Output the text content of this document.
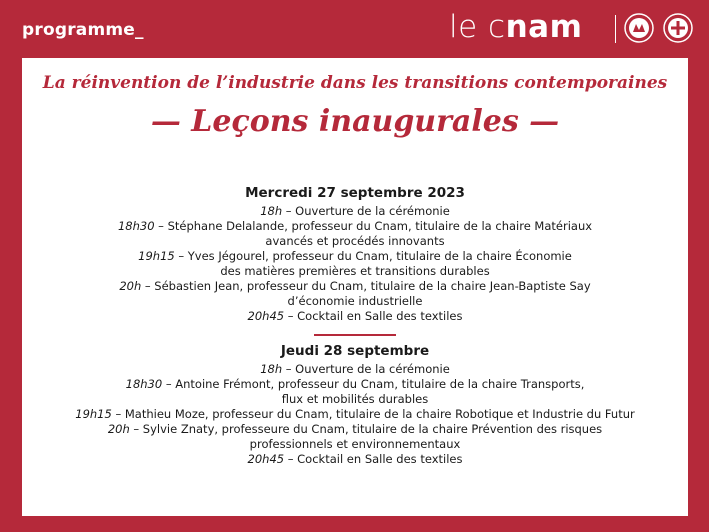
programme_	le cnam
La réinvention de l’industrie dans les transitions contemporaines
— Leçons inaugurales —
Mercredi 27 septembre 2023
18h – Ouverture de la cérémonie
18h30 – Stéphane Delalande, professeur du Cnam, titulaire de la chaire Matériaux
avancés et procédés innovants
19h15 – Yves Jégourel, professeur du Cnam, titulaire de la chaire Économie
des matières premières et transitions durables
20h – Sébastien Jean, professeur du Cnam, titulaire de la chaire Jean-Baptiste Say
d’économie industrielle
20h45 – Cocktail en Salle des textiles
Jeudi 28 septembre
18h – Ouverture de la cérémonie
18h30 – Antoine Frémont, professeur du Cnam, titulaire de la chaire Transports,
flux et mobilités durables
19h15 – Mathieu Moze, professeur du Cnam, titulaire de la chaire Robotique et Industrie du Futur
20h – Sylvie Znaty, professeure du Cnam, titulaire de la chaire Prévention des risques
professionnels et environnementaux
20h45 – Cocktail en Salle des textiles
